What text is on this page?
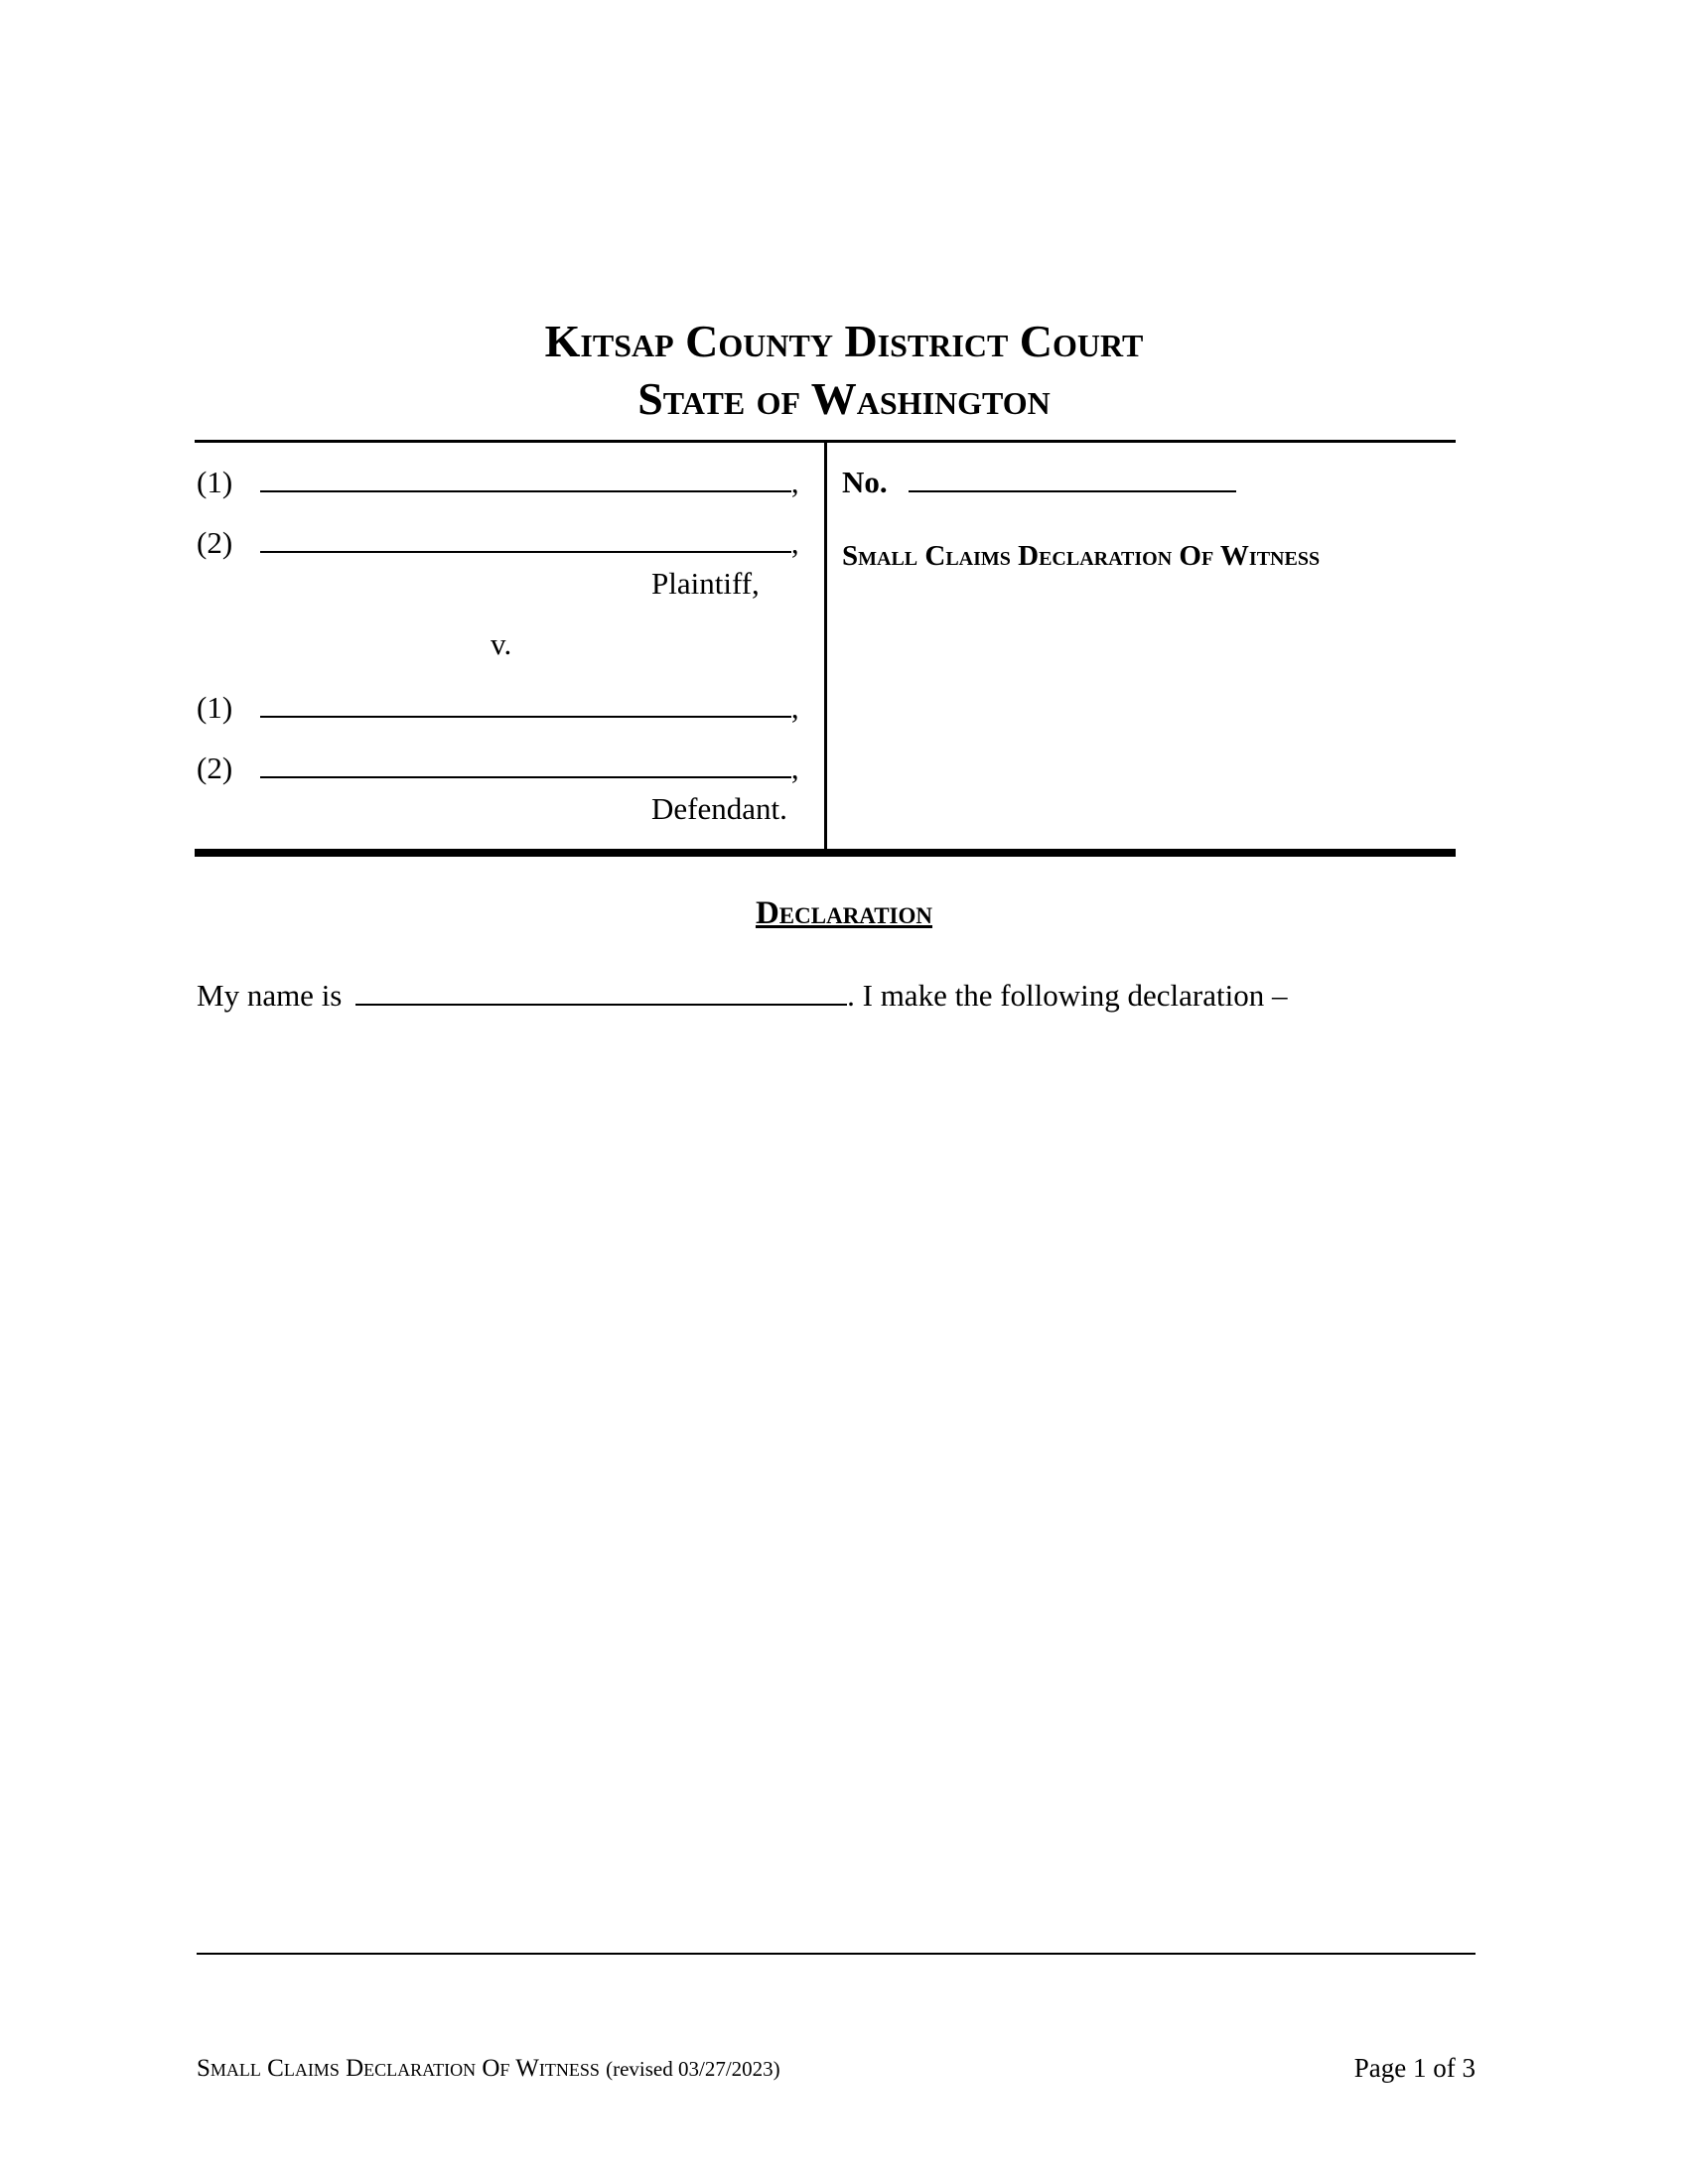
Kitsap County District Court
State of Washington
(1)	,
(2)	,
Plaintiff,
v.
(1)	,
(2)	,
Defendant.
No.
Small Claims Declaration Of Witness
Declaration
My name is	. I make the following declaration –
Small Claims Declaration Of Witness (revised 03/27/2023)	Page 1 of 3
